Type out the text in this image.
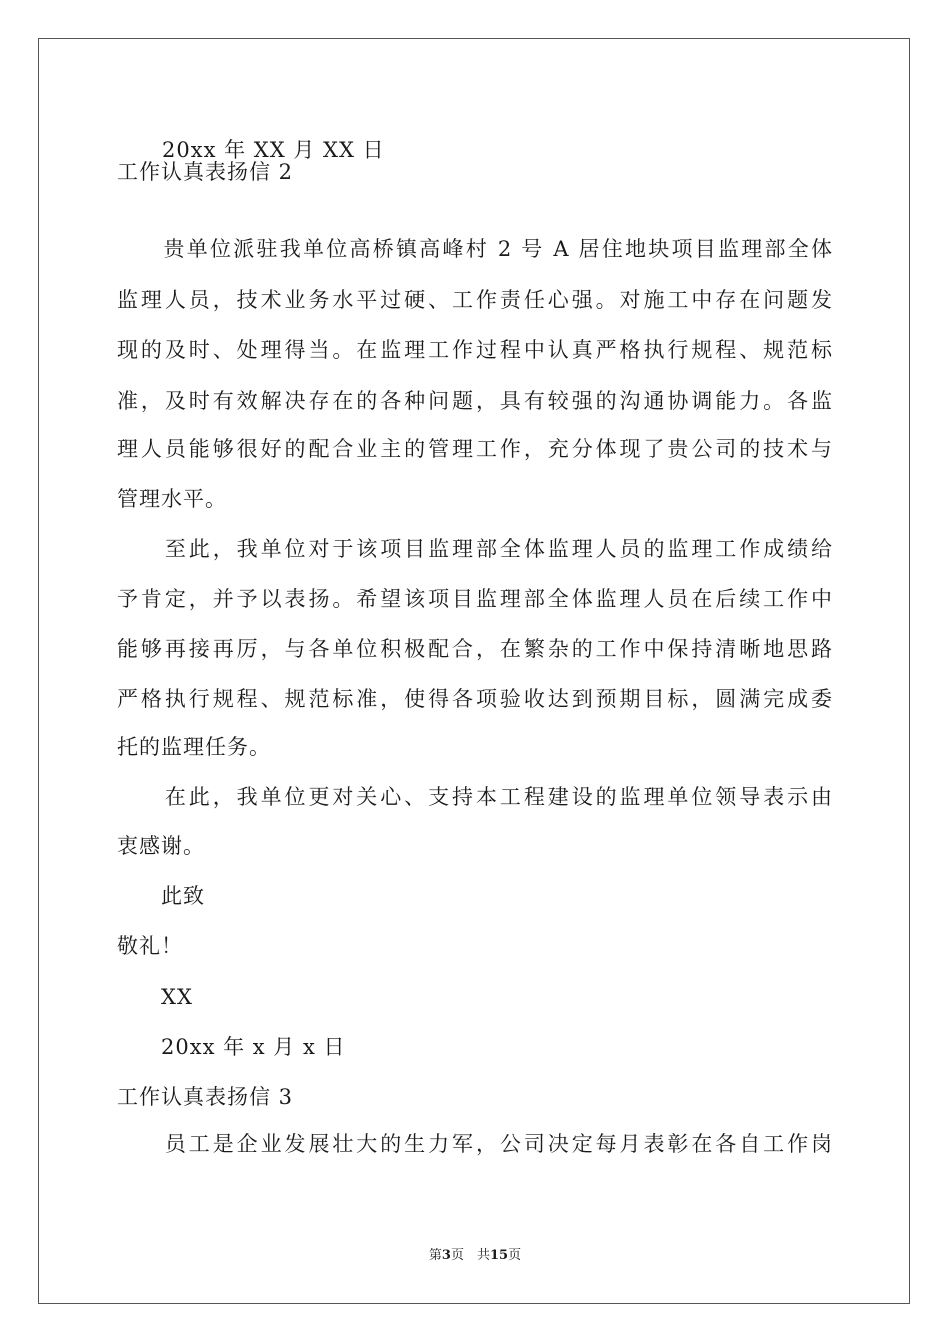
20xx 年 XX 月 XX 日
工作认真表扬信 2
　　贵单位派驻我单位高桥镇高峰村 2 号 A 居住地块项目监理部全体
监理人员，技术业务水平过硬、工作责任心强。对施工中存在问题发
现的及时、处理得当。在监理工作过程中认真严格执行规程、规范标
准，及时有效解决存在的各种问题，具有较强的沟通协调能力。各监
理人员能够很好的配合业主的管理工作，充分体现了贵公司的技术与
管理水平。
　　至此，我单位对于该项目监理部全体监理人员的监理工作成绩给
予肯定，并予以表扬。希望该项目监理部全体监理人员在后续工作中
能够再接再厉，与各单位积极配合，在繁杂的工作中保持清晰地思路
严格执行规程、规范标准，使得各项验收达到预期目标，圆满完成委
托的监理任务。
　　在此，我单位更对关心、支持本工程建设的监理单位领导表示由
衷感谢。
　　此致
敬礼！
　　XX
　　20xx 年 x 月 x 日
工作认真表扬信 3
　　员工是企业发展壮大的生力军，公司决定每月表彰在各自工作岗
第3页　共15页
